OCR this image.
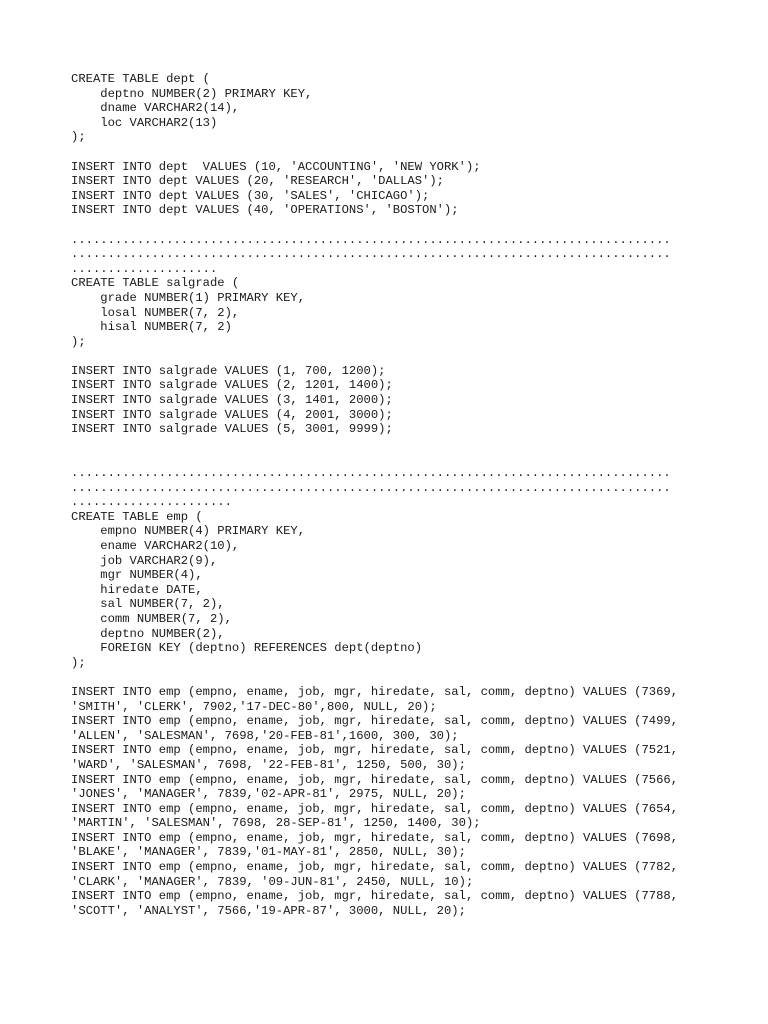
CREATE TABLE dept (
deptno NUMBER(2) PRIMARY KEY,
dname VARCHAR2(14),
loc VARCHAR2(13)
);
INSERT INTO dept  VALUES (10, 'ACCOUNTING', 'NEW YORK');
INSERT INTO dept VALUES (20, 'RESEARCH', 'DALLAS');
INSERT INTO dept VALUES (30, 'SALES', 'CHICAGO');
INSERT INTO dept VALUES (40, 'OPERATIONS', 'BOSTON');
..................................................................................
..................................................................................
....................
CREATE TABLE salgrade (
grade NUMBER(1) PRIMARY KEY,
losal NUMBER(7, 2),
hisal NUMBER(7, 2)
);
INSERT INTO salgrade VALUES (1, 700, 1200);
INSERT INTO salgrade VALUES (2, 1201, 1400);
INSERT INTO salgrade VALUES (3, 1401, 2000);
INSERT INTO salgrade VALUES (4, 2001, 3000);
INSERT INTO salgrade VALUES (5, 3001, 9999);
..................................................................................
..................................................................................
......................
CREATE TABLE emp (
empno NUMBER(4) PRIMARY KEY,
ename VARCHAR2(10),
job VARCHAR2(9),
mgr NUMBER(4),
hiredate DATE,
sal NUMBER(7, 2),
comm NUMBER(7, 2),
deptno NUMBER(2),
FOREIGN KEY (deptno) REFERENCES dept(deptno)
);
INSERT INTO emp (empno, ename, job, mgr, hiredate, sal, comm, deptno) VALUES (7369,
'SMITH', 'CLERK', 7902,'17-DEC-80',800, NULL, 20);
INSERT INTO emp (empno, ename, job, mgr, hiredate, sal, comm, deptno) VALUES (7499,
'ALLEN', 'SALESMAN', 7698,'20-FEB-81',1600, 300, 30);
INSERT INTO emp (empno, ename, job, mgr, hiredate, sal, comm, deptno) VALUES (7521,
'WARD', 'SALESMAN', 7698, '22-FEB-81', 1250, 500, 30);
INSERT INTO emp (empno, ename, job, mgr, hiredate, sal, comm, deptno) VALUES (7566,
'JONES', 'MANAGER', 7839,'02-APR-81', 2975, NULL, 20);
INSERT INTO emp (empno, ename, job, mgr, hiredate, sal, comm, deptno) VALUES (7654,
'MARTIN', 'SALESMAN', 7698, 28-SEP-81', 1250, 1400, 30);
INSERT INTO emp (empno, ename, job, mgr, hiredate, sal, comm, deptno) VALUES (7698,
'BLAKE', 'MANAGER', 7839,'01-MAY-81', 2850, NULL, 30);
INSERT INTO emp (empno, ename, job, mgr, hiredate, sal, comm, deptno) VALUES (7782,
'CLARK', 'MANAGER', 7839, '09-JUN-81', 2450, NULL, 10);
INSERT INTO emp (empno, ename, job, mgr, hiredate, sal, comm, deptno) VALUES (7788,
'SCOTT', 'ANALYST', 7566,'19-APR-87', 3000, NULL, 20);
